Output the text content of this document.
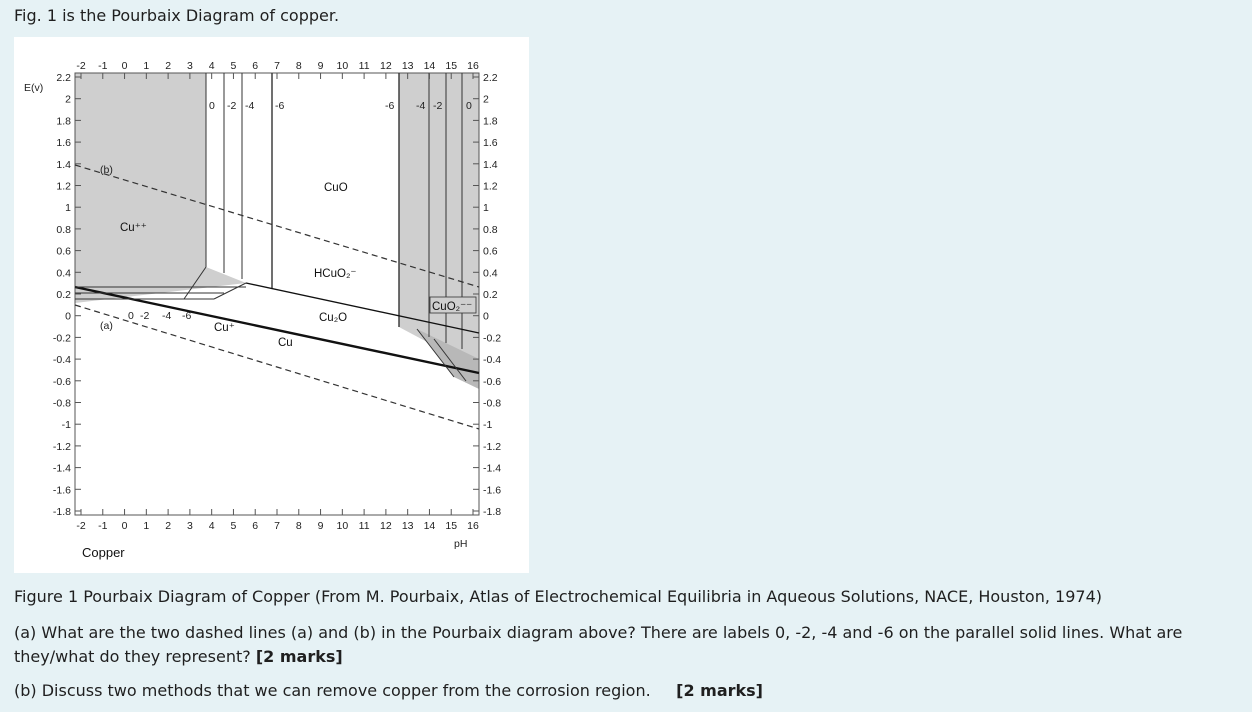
Fig. 1 is the Pourbaix Diagram of copper.
E(v)
pH
Copper
(b)
(a)
Cu⁺⁺
Cu⁺
Cu
CuO
HCuO₂⁻
Cu₂O
CuO₂⁻⁻
0 -2 -4 -6	-6 -4 -2 0
0 -2 -4 -6
-2
-2
-1
-1
0
0
1
1
2
2
3
3
4
4
5
5
6
6
7
7
8
8
9
9
10
10
11
11
12
12
13
13
14
14
15
15
16
16
2.2	2.2
2	2
1.8	1.8
1.6	1.6
1.4	1.4
1.2	1.2
1	1
0.8	0.8
0.6	0.6
0.4	0.4
0.2	0.2
0	0
-0.2	-0.2
-0.4	-0.4
-0.6	-0.6
-0.8	-0.8
-1	-1
-1.2	-1.2
-1.4	-1.4
-1.6	-1.6
-1.8	-1.8
Figure 1 Pourbaix Diagram of Copper (From M. Pourbaix, Atlas of Electrochemical Equilibria in Aqueous Solutions, NACE, Houston, 1974)
(a) What are the two dashed lines (a) and (b) in the Pourbaix diagram above? There are labels 0, -2, -4 and -6 on the parallel solid lines. What are they/what do they represent? [2 marks]
(b) Discuss two methods that we can remove copper from the corrosion region. [2 marks]
